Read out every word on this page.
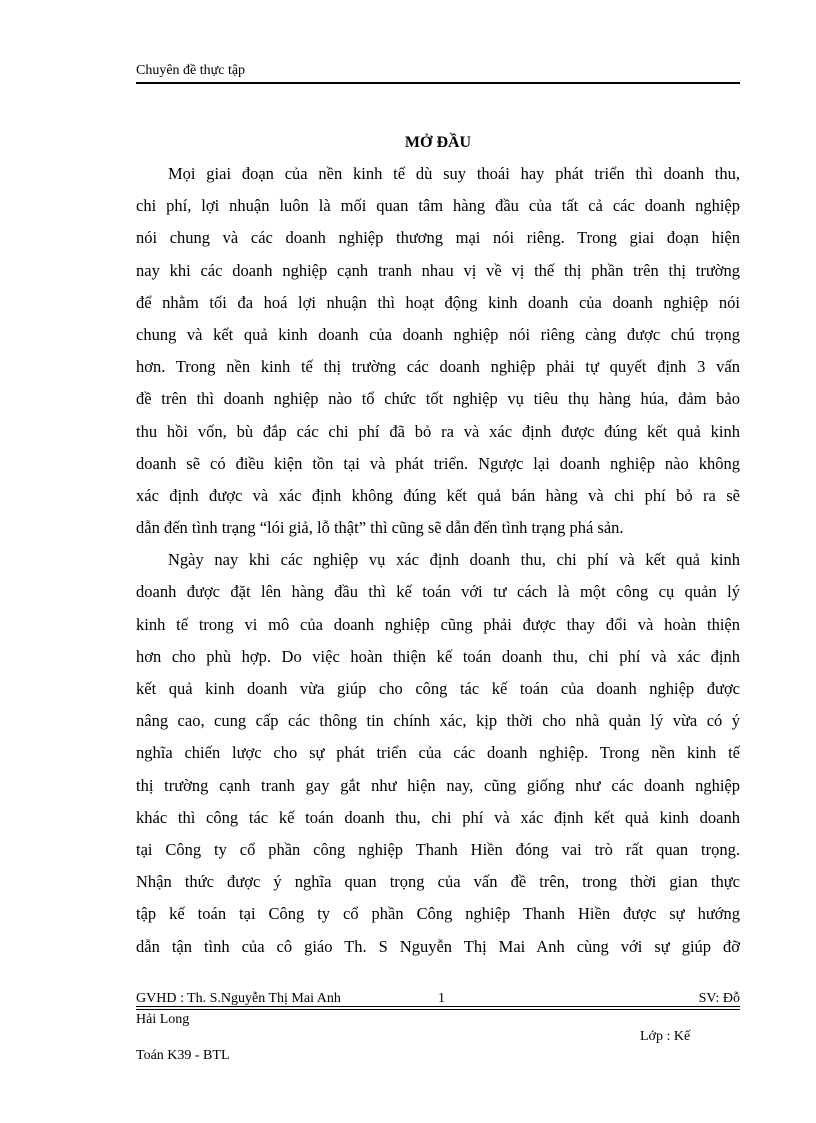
Chuyên đề thực tập
MỞ ĐẦU
Mọi giai đoạn của nền kinh tế dù suy thoái hay phát triển thì doanh thu,
chi phí, lợi nhuận luôn là mối quan tâm hàng đầu của tất cả các doanh nghiệp
nói chung và các doanh nghiệp thương mại nói riêng. Trong giai đoạn hiện
nay khi các doanh nghiệp cạnh tranh nhau vị về vị thế thị phần trên thị trường
để nhằm tối đa hoá lợi nhuận thì hoạt động kinh doanh của doanh nghiệp nói
chung và kết quả kinh doanh của doanh nghiệp nói riêng càng được chú trọng
hơn. Trong nền kinh tế thị trường các doanh nghiệp phải tự quyết định 3 vấn
đề trên thì doanh nghiệp nào tổ chức tốt nghiệp vụ tiêu thụ hàng húa, đảm bảo
thu hồi vốn, bù đắp các chi phí đã bỏ ra và xác định được đúng kết quả kinh
doanh sẽ có điều kiện tồn tại và phát triển. Ngược lại doanh nghiệp nào không
xác định được và xác định không đúng kết quả bán hàng và chi phí bỏ ra sẽ
dẫn đến tình trạng “lói giả, lỗ thật” thì cũng sẽ dẫn đến tình trạng phá sản.
Ngày nay khi các nghiệp vụ xác định doanh thu, chi phí và kết quả kinh
doanh được đặt lên hàng đầu thì kế toán với tư cách là một công cụ quản lý
kinh tế trong vi mô của doanh nghiệp cũng phải được thay đổi và hoàn thiện
hơn cho phù hợp. Do việc hoàn thiện kế toán doanh thu, chi phí và xác định
kết quả kinh doanh vừa giúp cho công tác kế toán của doanh nghiệp được
nâng cao, cung cấp các thông tin chính xác, kịp thời cho nhà quản lý vừa có ý
nghĩa chiến lược cho sự phát triển của các doanh nghiệp. Trong nền kinh tế
thị trường cạnh tranh gay gắt như hiện nay, cũng giống như các doanh nghiệp
khác thì công tác kế toán doanh thu, chi phí và xác định kết quả kinh doanh
tại Công ty cổ phần công nghiệp Thanh Hiền đóng vai trò rất quan trọng.
Nhận thức được ý nghĩa quan trọng của vấn đề trên, trong thời gian thực
tập kế toán tại Công ty cổ phần Công nghiệp Thanh Hiền được sự hướng
dẫn tận tình của cô giáo Th. S Nguyễn Thị Mai Anh cùng với sự giúp đỡ
GVHD : Th. S.Nguyễn Thị Mai Anh	1	SV: Đỗ
Hải Long
Lớp : Kế
Toán K39 - BTL
